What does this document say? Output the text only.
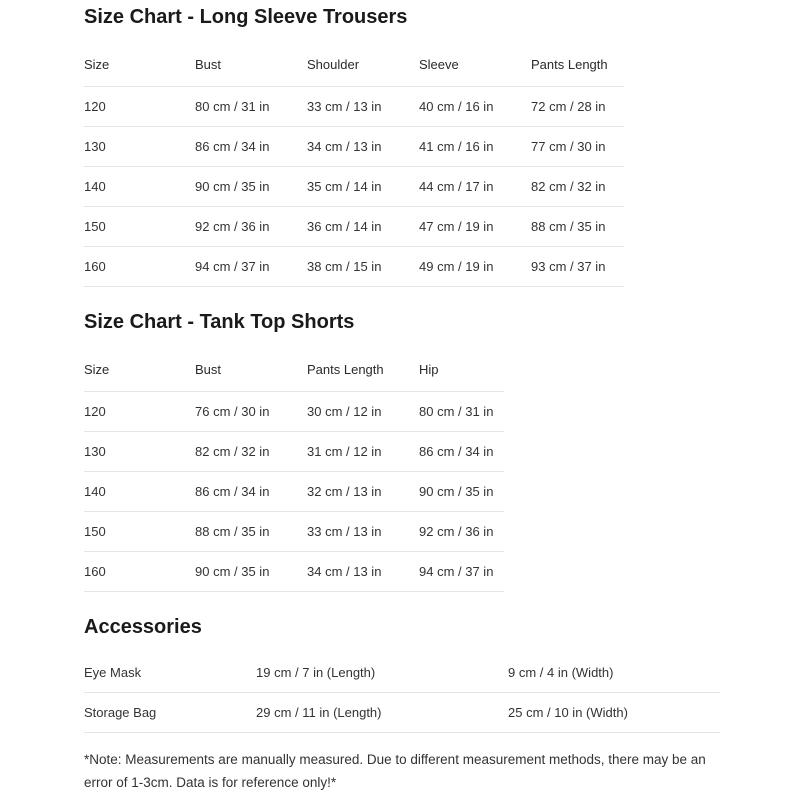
Size Chart - Long Sleeve Trousers
Size	Bust	Shoulder	Sleeve	Pants Length
120	80 cm / 31 in	33 cm / 13 in	40 cm / 16 in	72 cm / 28 in
130	86 cm / 34 in	34 cm / 13 in	41 cm / 16 in	77 cm / 30 in
140	90 cm / 35 in	35 cm / 14 in	44 cm / 17 in	82 cm / 32 in
150	92 cm / 36 in	36 cm / 14 in	47 cm / 19 in	88 cm / 35 in
160	94 cm / 37 in	38 cm / 15 in	49 cm / 19 in	93 cm / 37 in
Size Chart - Tank Top Shorts
Size	Bust	Pants Length	Hip
120	76 cm / 30 in	30 cm / 12 in	80 cm / 31 in
130	82 cm / 32 in	31 cm / 12 in	86 cm / 34 in
140	86 cm / 34 in	32 cm / 13 in	90 cm / 35 in
150	88 cm / 35 in	33 cm / 13 in	92 cm / 36 in
160	90 cm / 35 in	34 cm / 13 in	94 cm / 37 in
Accessories
Eye Mask	19 cm / 7 in (Length)	9 cm / 4 in (Width)
Storage Bag	29 cm / 11 in (Length)	25 cm / 10 in (Width)
*Note: Measurements are manually measured. Due to different measurement methods, there may be an error of 1-3cm. Data is for reference only!*
